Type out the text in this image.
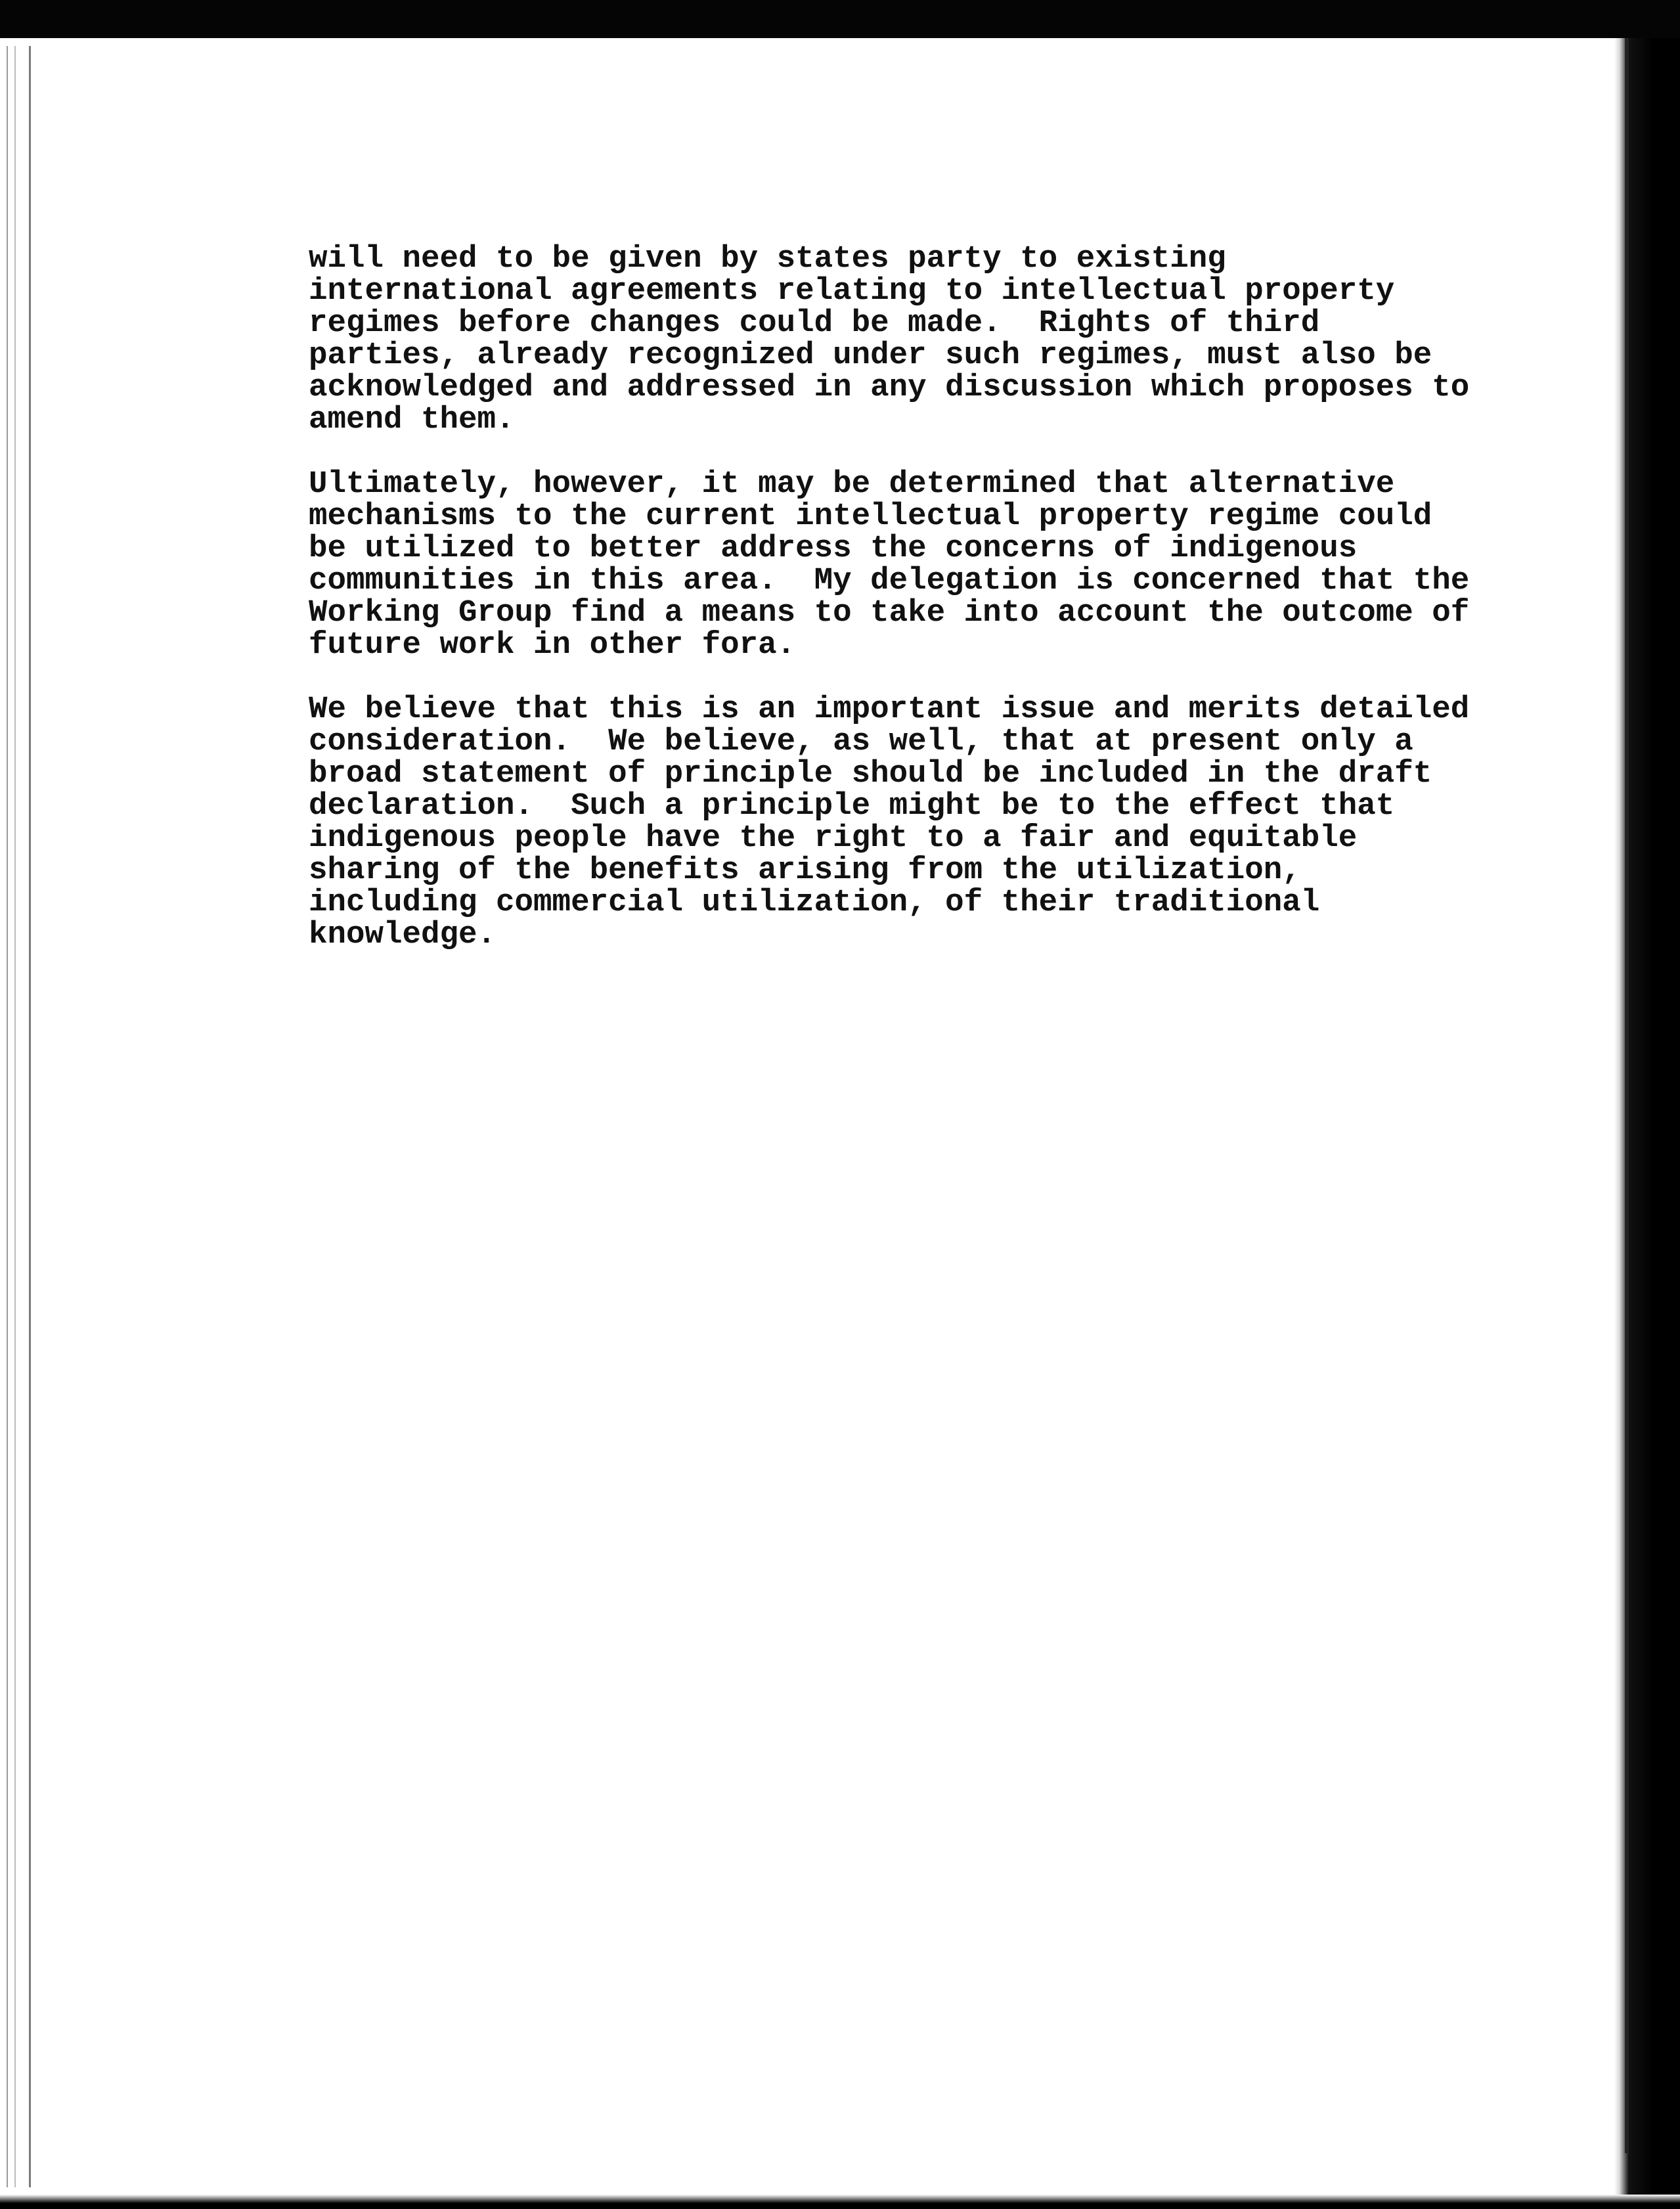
will need to be given by states party to existing
international agreements relating to intellectual property
regimes before changes could be made.  Rights of third
parties, already recognized under such regimes, must also be
acknowledged and addressed in any discussion which proposes to
amend them.

Ultimately, however, it may be determined that alternative
mechanisms to the current intellectual property regime could
be utilized to better address the concerns of indigenous
communities in this area.  My delegation is concerned that the
Working Group find a means to take into account the outcome of
future work in other fora.

We believe that this is an important issue and merits detailed
consideration.  We believe, as well, that at present only a
broad statement of principle should be included in the draft
declaration.  Such a principle might be to the effect that
indigenous people have the right to a fair and equitable
sharing of the benefits arising from the utilization,
including commercial utilization, of their traditional
knowledge.
